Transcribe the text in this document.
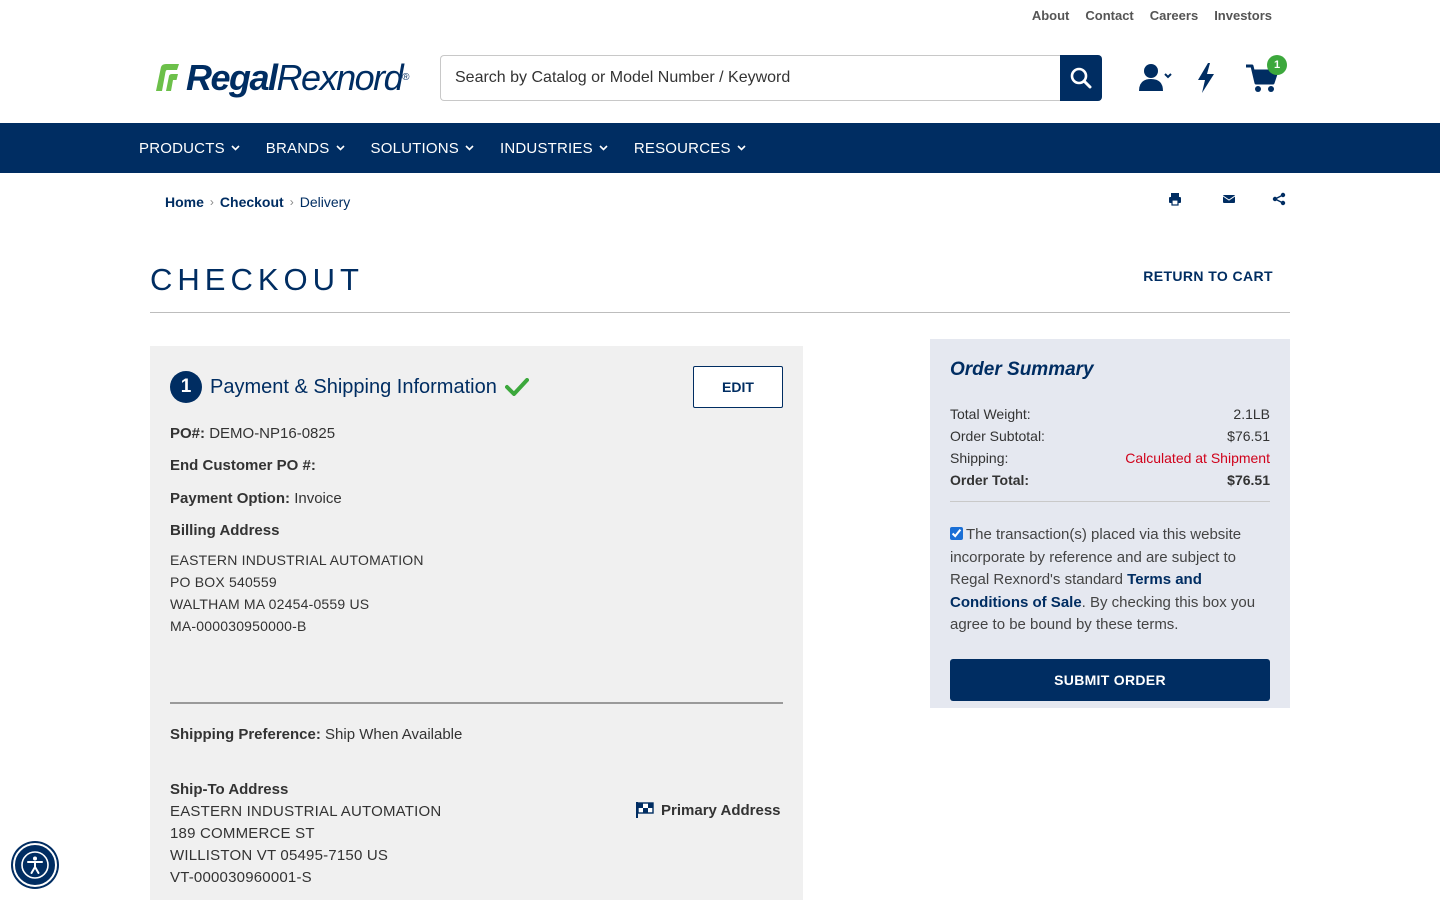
About Contact Careers Investors
RegalRexnord®
Search by Catalog or Model Number / Keyword
1
PRODUCTS	BRANDS	SOLUTIONS	INDUSTRIES	RESOURCES
Home › Checkout › Delivery
CHECKOUT	RETURN TO CART
1 Payment & Shipping Information	EDIT
PO#: DEMO-NP16-0825
End Customer PO #:
Payment Option: Invoice
Billing Address
EASTERN INDUSTRIAL AUTOMATION
PO BOX 540559
WALTHAM MA 02454-0559 US
MA-000030950000-B
Shipping Preference: Ship When Available
Ship-To Address
EASTERN INDUSTRIAL AUTOMATION
189 COMMERCE ST
WILLISTON VT 05495-7150 US
VT-000030960001-S
Primary Address
Order Summary
Total Weight:	2.1LB
Order Subtotal:	$76.51
Shipping:	Calculated at Shipment
Order Total:	$76.51
The transaction(s) placed via this website incorporate by reference and are subject to Regal Rexnord's standard Terms and Conditions of Sale. By checking this box you agree to be bound by these terms.
SUBMIT ORDER
